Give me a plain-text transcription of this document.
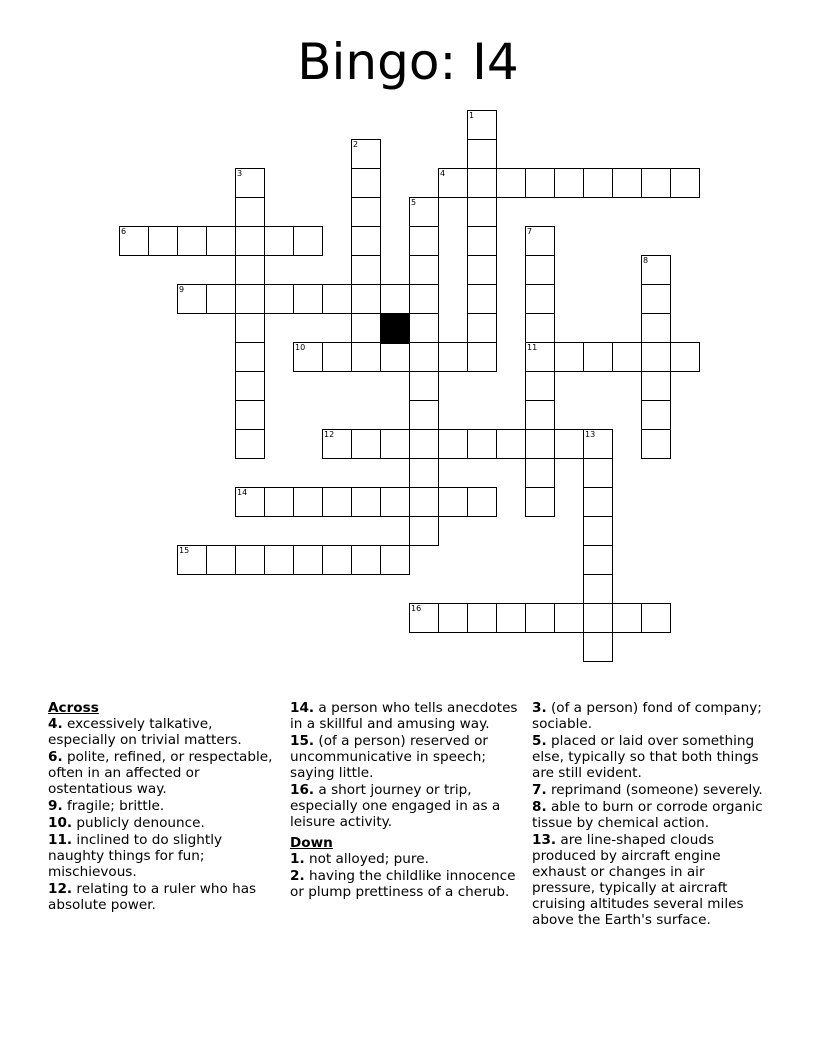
Bingo: I4
1
2
3	4
5
6	7
11
8
9
10
12	13
14
15
16
Across
4. excessively talkative, especially on trivial matters.
6. polite, refined, or respectable, often in an affected or ostentatious way.
9. fragile; brittle.
10. publicly denounce.
11. inclined to do slightly naughty things for fun; mischievous.
12. relating to a ruler who has absolute power.
14. a person who tells anecdotes in a skillful and amusing way.
15. (of a person) reserved or uncommunicative in speech; saying little.
16. a short journey or trip, especially one engaged in as a leisure activity.
Down
1. not alloyed; pure.
2. having the childlike innocence or plump prettiness of a cherub.
3. (of a person) fond of company; sociable.
5. placed or laid over something else, typically so that both things are still evident.
7. reprimand (someone) severely.
8. able to burn or corrode organic tissue by chemical action.
13. are line-shaped clouds produced by aircraft engine exhaust or changes in air pressure, typically at aircraft cruising altitudes several miles above the Earth's surface.
